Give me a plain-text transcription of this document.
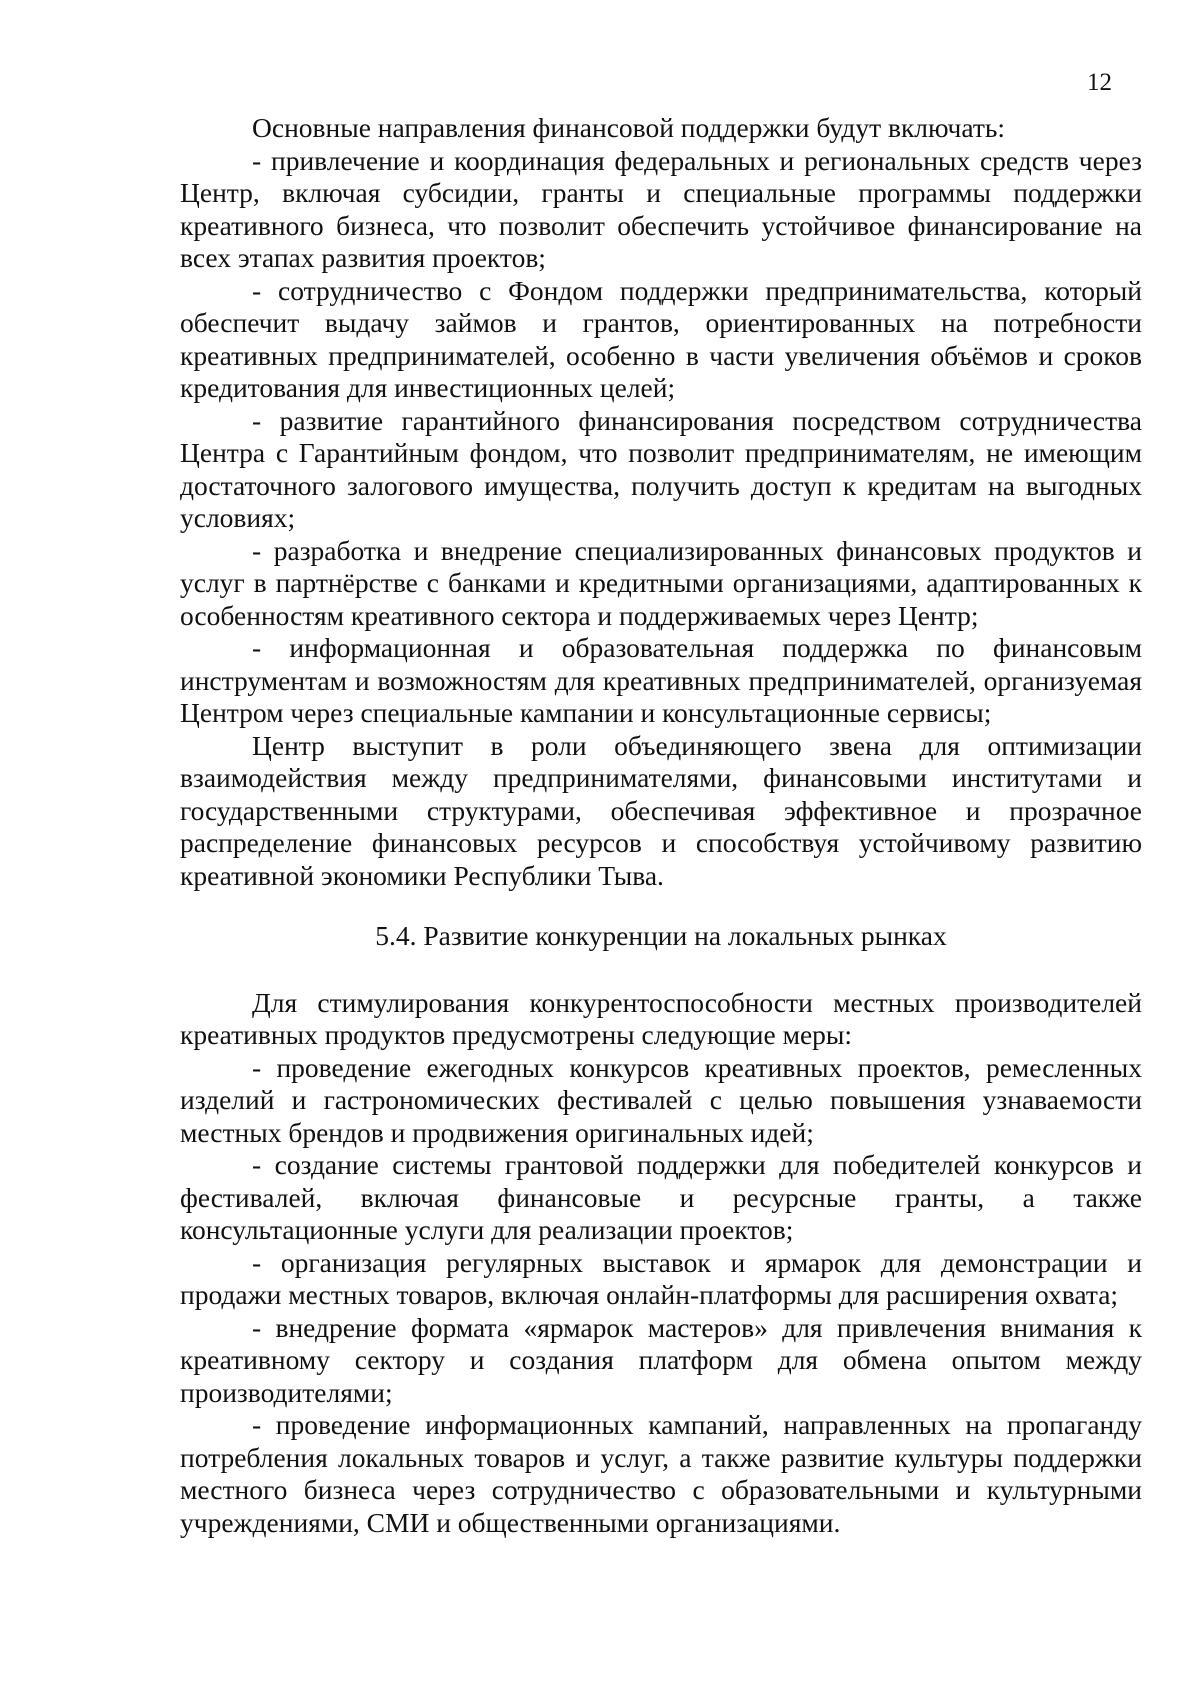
12

Основные направления финансовой поддержки будут включать:

- привлечение и координация федеральных и региональных средств через Центр, включая субсидии, гранты и специальные программы поддержки креативного бизнеса, что позволит обеспечить устойчивое финансирование на всех этапах развития проектов;

- сотрудничество с Фондом поддержки предпринимательства, который обеспечит выдачу займов и грантов, ориентированных на потребности креативных предпринимателей, особенно в части увеличения объёмов и сроков кредитования для инвестиционных целей;

- развитие гарантийного финансирования посредством сотрудничества Центра с Гарантийным фондом, что позволит предпринимателям, не имеющим достаточного залогового имущества, получить доступ к кредитам на выгодных условиях;

- разработка и внедрение специализированных финансовых продуктов и услуг в партнёрстве с банками и кредитными организациями, адаптированных к особенностям креативного сектора и поддерживаемых через Центр;

- информационная и образовательная поддержка по финансовым инструментам и возможностям для креативных предпринимателей, организуемая Центром через специальные кампании и консультационные сервисы;

Центр выступит в роли объединяющего звена для оптимизации взаимодействия между предпринимателями, финансовыми институтами и государственными структурами, обеспечивая эффективное и прозрачное распределение финансовых ресурсов и способствуя устойчивому развитию креативной экономики Республики Тыва.

5.4. Развитие конкуренции на локальных рынках

Для стимулирования конкурентоспособности местных производителей креативных продуктов предусмотрены следующие меры:

- проведение ежегодных конкурсов креативных проектов, ремесленных изделий и гастрономических фестивалей с целью повышения узнаваемости местных брендов и продвижения оригинальных идей;

- создание системы грантовой поддержки для победителей конкурсов и фестивалей, включая финансовые и ресурсные гранты, а также консультационные услуги для реализации проектов;

- организация регулярных выставок и ярмарок для демонстрации и продажи местных товаров, включая онлайн-платформы для расширения охвата;

- внедрение формата «ярмарок мастеров» для привлечения внимания к креативному сектору и создания платформ для обмена опытом между производителями;

- проведение информационных кампаний, направленных на пропаганду потребления локальных товаров и услуг, а также развитие культуры поддержки местного бизнеса через сотрудничество с образовательными и культурными учреждениями, СМИ и общественными организациями.
